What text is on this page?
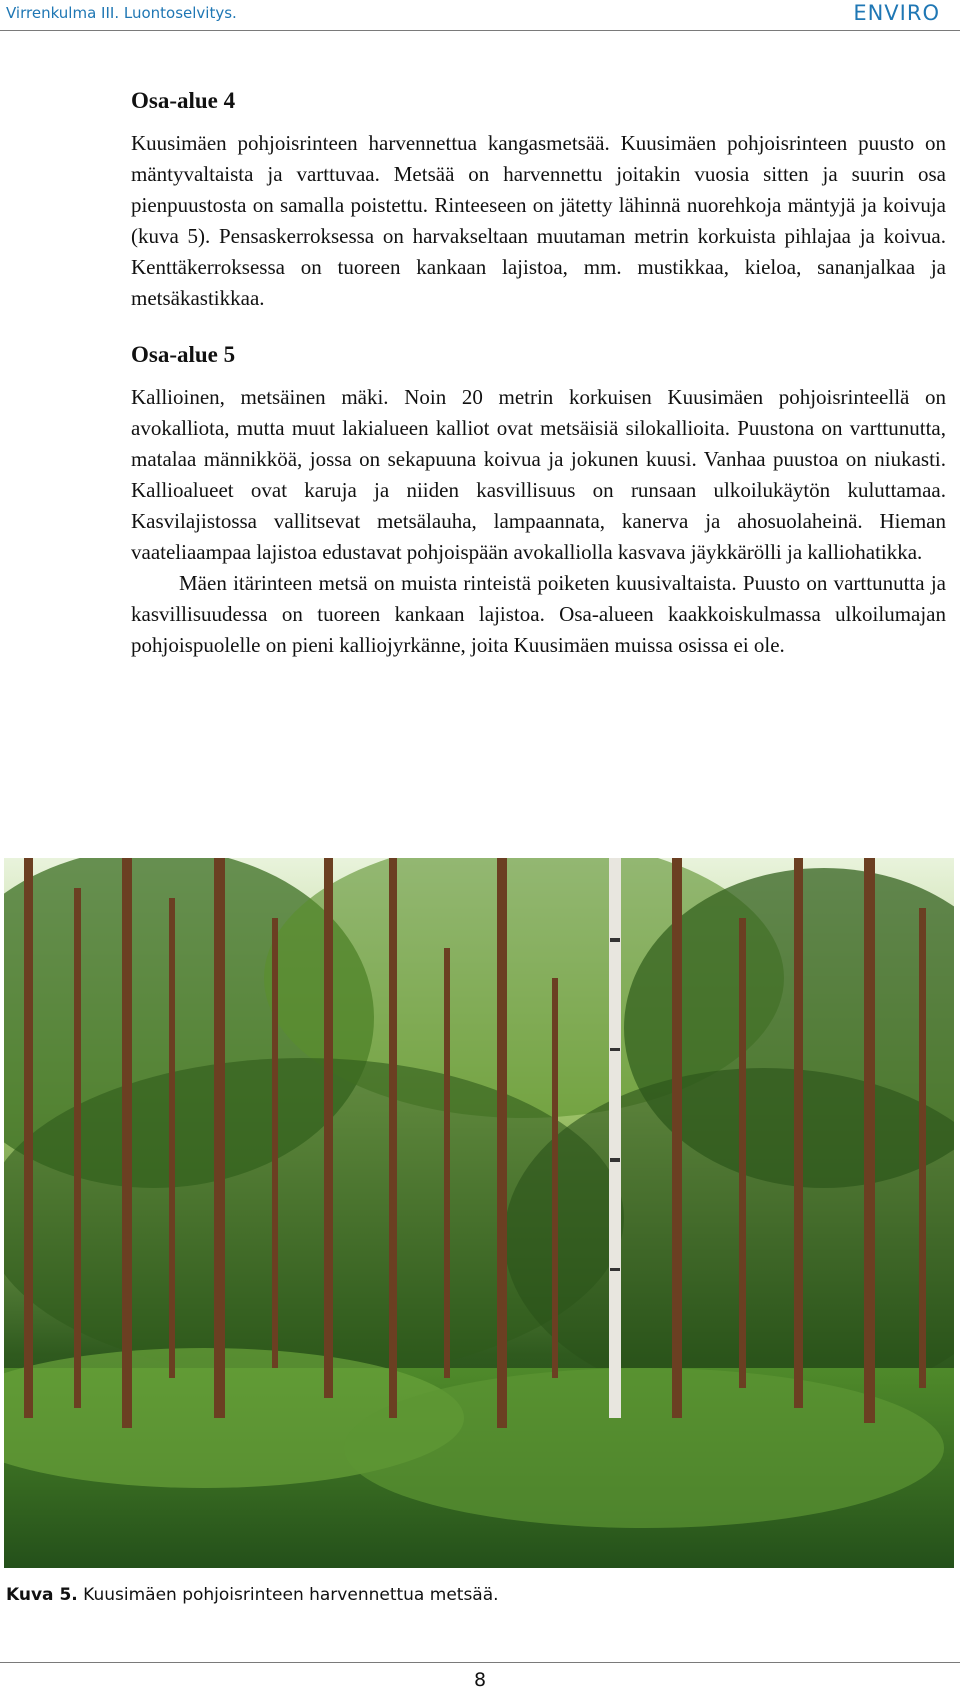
Virrenkulma III. Luontoselvitys.	ENVIRO
Osa-alue 4

Kuusimäen pohjoisrinteen harvennettua kangasmetsää. Kuusimäen pohjoisrinteen puusto on mäntyvaltaista ja varttuvaa. Metsää on harvennettu joitakin vuosia sitten ja suurin osa pienpuustosta on samalla poistettu. Rinteeseen on jätetty lähinnä nuorehkoja mäntyjä ja koivuja (kuva 5). Pensaskerroksessa on harvakseltaan muutaman metrin korkuista pihlajaa ja koivua. Kenttäkerroksessa on tuoreen kankaan lajistoa, mm. mustikkaa, kieloa, sananjalkaa ja metsäkastikkaa.

Osa-alue 5

Kallioinen, metsäinen mäki. Noin 20 metrin korkuisen Kuusimäen pohjoisrinteellä on avokalliota, mutta muut lakialueen kalliot ovat metsäisiä silokallioita. Puustona on varttunutta, matalaa männikköä, jossa on sekapuuna koivua ja jokunen kuusi. Vanhaa puustoa on niukasti. Kallioalueet ovat karuja ja niiden kasvillisuus on runsaan ulkoilukäytön kuluttamaa. Kasvilajistossa vallitsevat metsälauha, lampaannata, kanerva ja ahosuolaheinä. Hieman vaateliaampaa lajistoa edustavat pohjoispään avokalliolla kasvava jäykkärölli ja kalliohatikka.

Mäen itärinteen metsä on muista rinteistä poiketen kuusivaltaista. Puusto on varttunutta ja kasvillisuudessa on tuoreen kankaan lajistoa. Osa-alueen kaakkoiskulmassa ulkoilumajan pohjoispuolelle on pieni kalliojyrkänne, joita Kuusimäen muissa osissa ei ole.

Kuva 5. Kuusimäen pohjoisrinteen harvennettua metsää.
8
